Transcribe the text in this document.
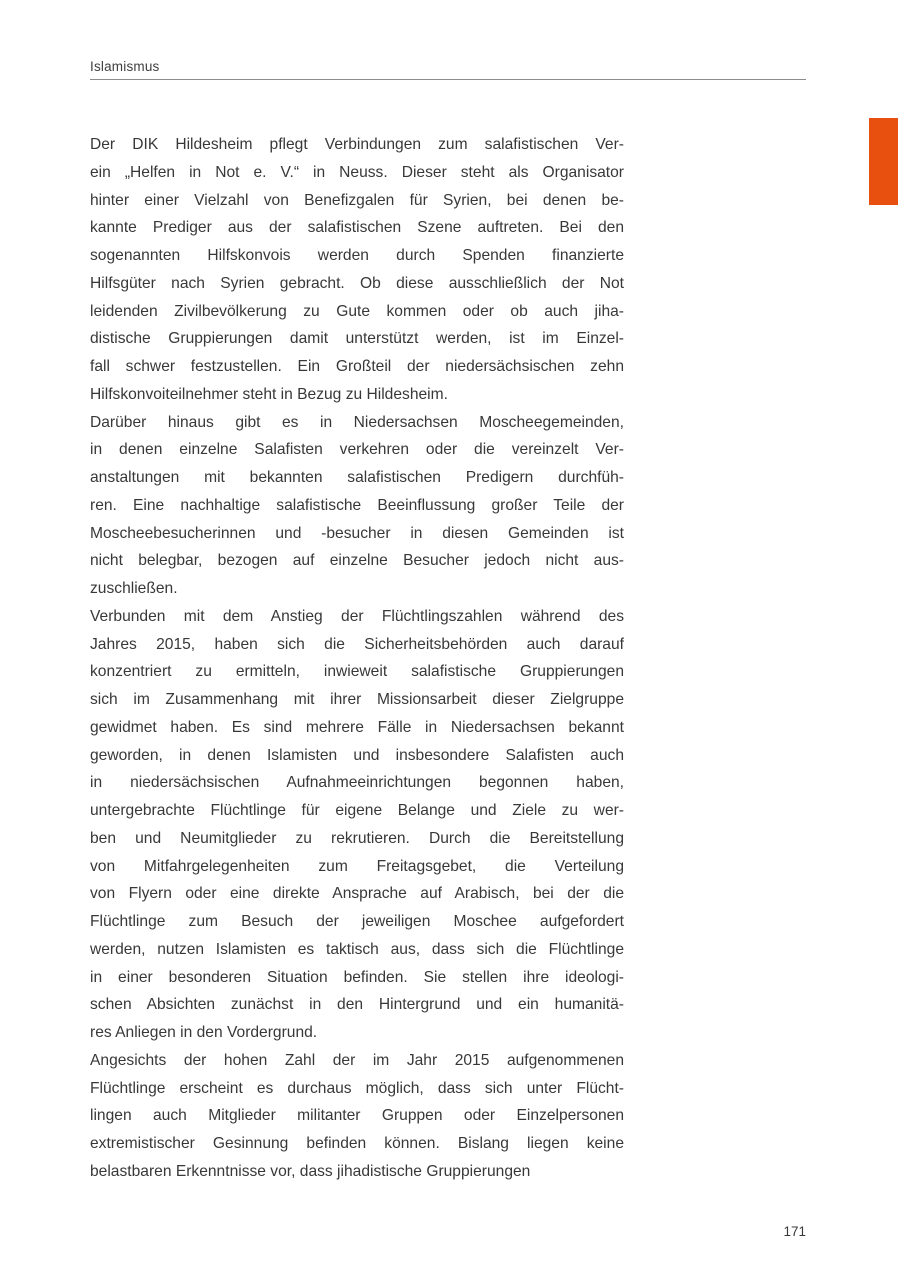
Islamismus
Der DIK Hildesheim pflegt Verbindungen zum salafistischen Ver-
ein „Helfen in Not e. V.“ in Neuss. Dieser steht als Organisator
hinter einer Vielzahl von Benefizgalen für Syrien, bei denen be-
kannte Prediger aus der salafistischen Szene auftreten. Bei den
sogenannten Hilfskonvois werden durch Spenden finanzierte
Hilfsgüter nach Syrien gebracht. Ob diese ausschließlich der Not
leidenden Zivilbevölkerung zu Gute kommen oder ob auch jiha-
distische Gruppierungen damit unterstützt werden, ist im Einzel-
fall schwer festzustellen. Ein Großteil der niedersächsischen zehn
Hilfskonvoiteilnehmer steht in Bezug zu Hildesheim.
Darüber hinaus gibt es in Niedersachsen Moscheegemeinden,
in denen einzelne Salafisten verkehren oder die vereinzelt Ver-
anstaltungen mit bekannten salafistischen Predigern durchfüh-
ren. Eine nachhaltige salafistische Beeinflussung großer Teile der
Moscheebesucherinnen und -besucher in diesen Gemeinden ist
nicht belegbar, bezogen auf einzelne Besucher jedoch nicht aus-
zuschließen.
Verbunden mit dem Anstieg der Flüchtlingszahlen während des
Jahres 2015, haben sich die Sicherheitsbehörden auch darauf
konzentriert zu ermitteln, inwieweit salafistische Gruppierungen
sich im Zusammenhang mit ihrer Missionsarbeit dieser Zielgruppe
gewidmet haben. Es sind mehrere Fälle in Niedersachsen bekannt
geworden, in denen Islamisten und insbesondere Salafisten auch
in niedersächsischen Aufnahmeeinrichtungen begonnen haben,
untergebrachte Flüchtlinge für eigene Belange und Ziele zu wer-
ben und Neumitglieder zu rekrutieren. Durch die Bereitstellung
von Mitfahrgelegenheiten zum Freitagsgebet, die Verteilung
von Flyern oder eine direkte Ansprache auf Arabisch, bei der die
Flüchtlinge zum Besuch der jeweiligen Moschee aufgefordert
werden, nutzen Islamisten es taktisch aus, dass sich die Flüchtlinge
in einer besonderen Situation befinden. Sie stellen ihre ideologi-
schen Absichten zunächst in den Hintergrund und ein humanitä-
res Anliegen in den Vordergrund.
Angesichts der hohen Zahl der im Jahr 2015 aufgenommenen
Flüchtlinge erscheint es durchaus möglich, dass sich unter Flücht-
lingen auch Mitglieder militanter Gruppen oder Einzelpersonen
extremistischer Gesinnung befinden können. Bislang liegen keine
belastbaren Erkenntnisse vor, dass jihadistische Gruppierungen
171
